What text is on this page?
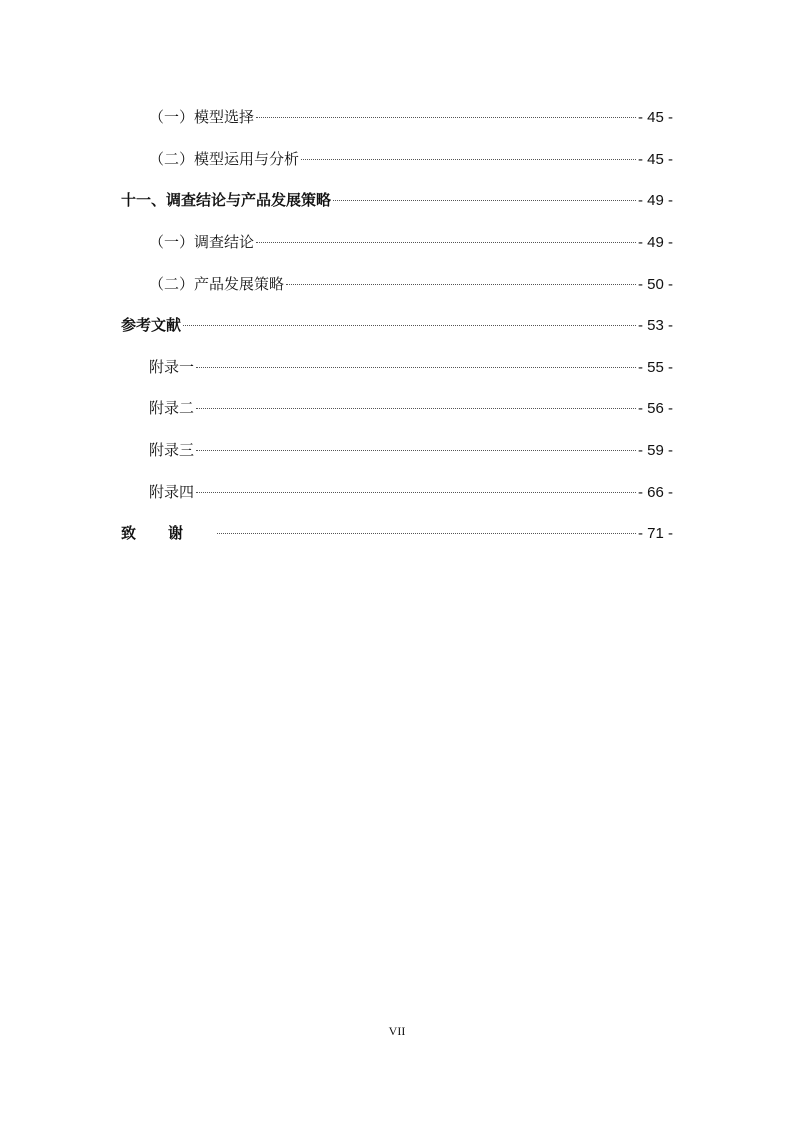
（一）模型选择	- 45 -
（二）模型运用与分析	- 45 -
十一、调查结论与产品发展策略	- 49 -
（一）调查结论	- 49 -
（二）产品发展策略	- 50 -
参考文献	- 53 -
附录一	- 55 -
附录二	- 56 -
附录三	- 59 -
附录四	- 66 -
致谢	- 71 -
VII
